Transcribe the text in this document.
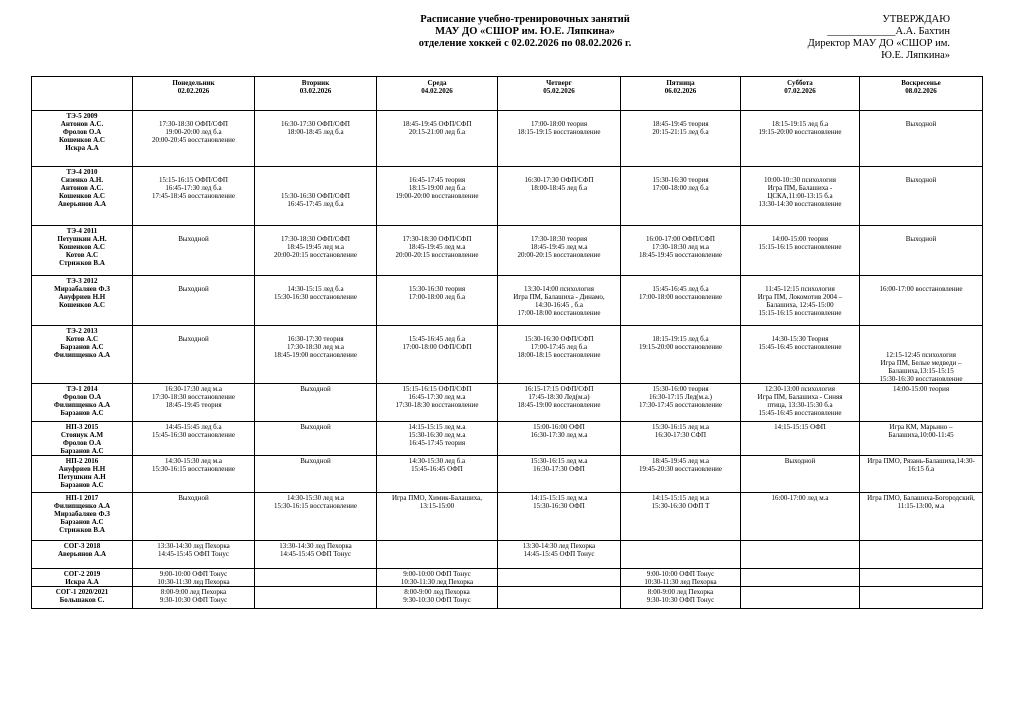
Расписание учебно-тренировочных занятий
МАУ ДО «СШОР им. Ю.Е. Ляпкина»
отделение хоккей с 02.02.2026 по 08.02.2026 г.
УТВЕРЖДАЮ
_____________А.А. Бахтин
Директор МАУ ДО «СШОР им.
Ю.Е. Ляпкина»

	Понедельник
02.02.2026	Вторник
03.02.2026	Среда
04.02.2026	Четверг
05.02.2026	Пятница
06.02.2026	Суббота
07.02.2026	Воскресенье
08.02.2026

ТЭ-5 2009
Антонов А.С.
Фролов О.А
Кошенков А.С
Искра А.А	17:30-18:30 ОФП/СФП
19:00-20:00 лед б.а
20:00-20:45 восстановление	16:30-17:30 ОФП/СФП
18:00-18:45 лед б.а	18:45-19:45 ОФП/СФП
20:15-21:00 лед б.а	17:00-18:00 теория
18:15-19:15 восстановление	18:45-19:45 теория
20:15-21:15 лед б.а	18:15-19:15 лед б.а
19:15-20:00 восстановление	Выходной

ТЭ-4 2010
Сизенко А.Н.
Антонов А.С.
Кошенков А.С
Аверьянов А.А	15:15-16:15 ОФП/СФП
16:45-17:30 лед б.а
17:45-18:45 восстановление	15:30-16:30 ОФП/СФП
16:45-17:45 лед б.а	16:45-17:45 теория
18:15-19:00 лед б.а
19:00-20:00 восстановление	16:30-17:30 ОФП/СФП
18:00-18:45 лед б.а	15:30-16:30 теория
17:00-18:00 лед б.а	10:00-10::30 психология
Игра ПМ, Балашиха -
ЦСКА,11:00-13:15 б.а
13:30-14:30 восстановление	Выходной

ТЭ-4 2011
Петушкин А.Н.
Кошенков А.С
Котов А.С
Стрижков В.А	Выходной	17:30-18:30 ОФП/СФП
18:45-19:45 лед м.а
20:00-20:15 восстановление	17:30-18:30 ОФП/СФП
18:45-19:45 лед м.а
20:00-20:15 восстановление	17:30-18:30 теория
18:45-19:45 лед м.а
20:00-20:15 восстановление	16:00-17:00 ОФП/СФП
17:30-18:30 лед м.а
18:45-19:45 восстановление	14:00-15:00 теория
15:15-16:15 восстановление	Выходной

ТЭ-3 2012
Мирзабаляев Ф.З
Ануфриев Н.Н
Кошенков А.С	Выходной	14:30-15:15 лед б.а
15:30-16:30 восстановление	15:30-16:30 теория
17:00-18:00 лед б.а	13:30-14:00 психология
Игра ПМ, Балашиха - Динамо,
14:30-16:45 , б.а
17:00-18:00 восстановление	15:45-16:45 лед б.а
17:00-18:00 восстановление	11:45-12:15 психология
Игра ПМ, Локомотив 2004 –
Балашиха, 12:45-15:00
15:15-16:15 восстановление	16:00-17:00 восстановление

ТЭ-2 2013
Котов А.С
Барзанов А.С
Филипщенко А.А	Выходной	16:30-17:30 теория
17:30-18:30 лед м.а
18:45-19:00 восстановление	15:45-16:45 лед б.а
17:00-18:00 ОФП/СФП	15:30-16:30 ОФП/СФП
17:00-17:45 лед б.а
18:00-18:15 восстановление	18:15-19:15 лед б.а
19:15-20:00 восстановление	14:30-15:30 Теория
15:45-16:45 восстановление	12:15-12:45 психология
Игра ПМ, Белые медведи –
Балашиха,13:15-15:15
15:30-16:30 восстановление

ТЭ-1 2014
Фролов О.А
Филипщенко А.А
Барзанов А.С	16:30-17:30 лед м.а
17:30-18:30 восстановление
18:45-19:45 теория	Выходной	15:15-16:15 ОФП/СФП
16:45-17:30 лед м.а
17:30-18:30 восстановление	16:15-17:15 ОФП/СФП
17:45-18:30 Лед(м.а)
18:45-19:00 восстановление	15:30-16:00 теория
16:30-17:15 Лед(м.а.)
17:30-17:45 восстановление	12:30-13:00 психология
Игра ПМ, Балашиха - Синяя
птица, 13:30-15:30 б.а
15:45-16:45 восстановление	14:00-15:00 теория

НП-3 2015
Стоянук А.М
Фролов О.А
Барзанов А.С	14:45-15:45 лед б.а
15:45-16:30 восстановление	Выходной	14:15-15:15 лед м.а
15:30-16:30 лед м.а
16:45-17:45 теория	15:00-16:00 ОФП
16:30-17:30 лед м.а	15:30-16:15 лед м.а
16:30-17:30 СФП	14:15-15:15 ОФП	Игра КМ, Марьино –
Балашиха,10:00-11:45

НП-2 2016
Ануфриев Н.Н
Петушкин А.Н
Барзанов А.С	14:30-15:30 лед м.а
15:30-16:15 восстановление	Выходной	14:30-15:30 лед б.а
15:45-16:45 ОФП	15:30-16:15 лед м.а
16:30-17:30 ОФП	18:45-19:45 лед м.а
19:45-20:30 восстановление	Выходной	Игра ПМО, Рязань-Балашиха,14:30-
16:15 б.а

НП-1 2017
Филипщенко А.А
Мирзабаляев Ф.З
Барзанов А.С
Стрижков В.А	Выходной	14:30-15:30 лед м.а
15:30-16:15 восстановление	Игра ПМО, Химик-Балашиха,
13:15-15:00	14:15-15:15 лед м.а
15:30-16:30 ОФП	14:15-15:15 лед м.а
15:30-16:30 ОФП Т	16:00-17:00 лед м.а	Игра ПМО, Балашиха-Богородский,
11:15-13:00, м.а

СОГ-3 2018
Аверьянов А.А	13:30-14:30 лед Пехорка
14:45-15:45 ОФП Тонус	13:30-14:30 лед Пехорка
14:45-15:45 ОФП Тонус		13:30-14:30 лед Пехорка
14:45-15:45 ОФП Тонус			

СОГ-2 2019
Искра А.А	9:00-10:00 ОФП Тонус
10:30-11:30 лед Пехорка		9:00-10:00 ОФП Тонус
10:30-11:30 лед Пехорка		9:00-10:00 ОФП Тонус
10:30-11:30 лед Пехорка		

СОГ-1 2020/2021
Большаков С.	8:00-9:00 лед Пехорка
9:30-10:30 ОФП Тонус		8:00-9:00 лед Пехорка
9:30-10:30 ОФП Тонус		8:00-9:00 лед Пехорка
9:30-10:30 ОФП Тонус		
